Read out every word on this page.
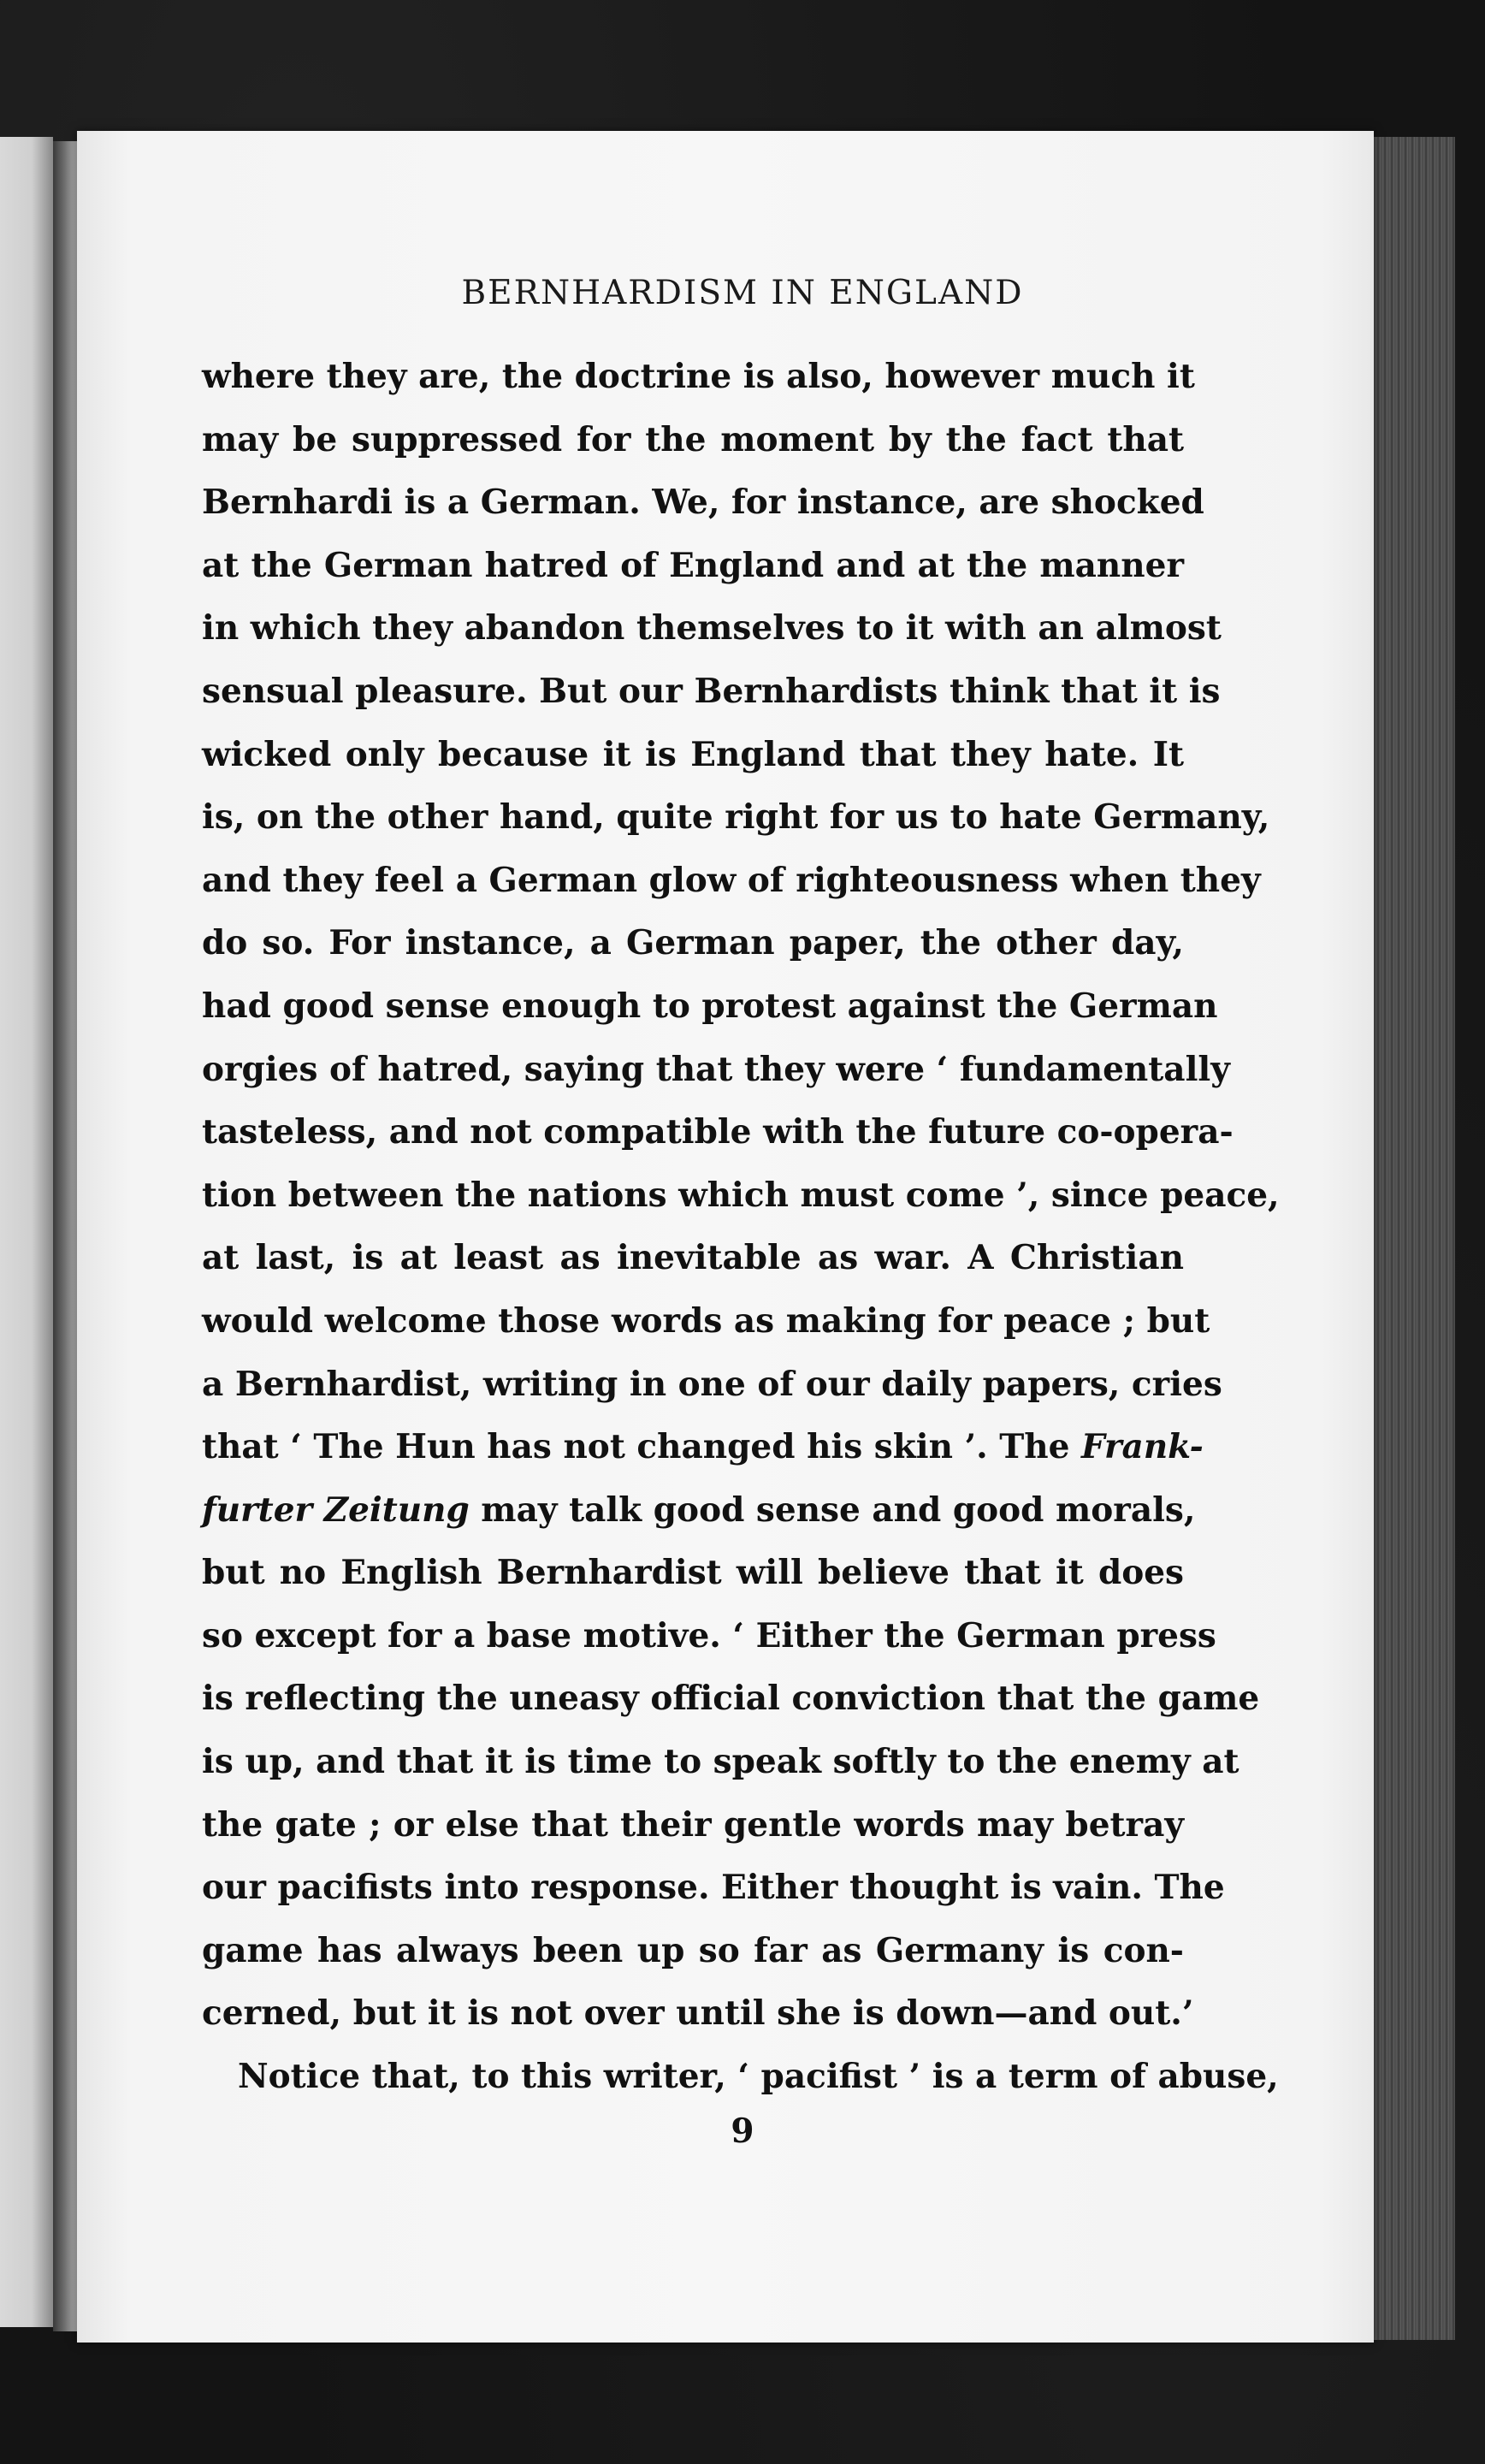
BERNHARDISM IN ENGLAND
where they are, the doctrine is also, however much it
may be suppressed for the moment by the fact that
Bernhardi is a German. We, for instance, are shocked
at the German hatred of England and at the manner
in which they abandon themselves to it with an almost
sensual pleasure. But our Bernhardists think that it is
wicked only because it is England that they hate. It
is, on the other hand, quite right for us to hate Germany,
and they feel a German glow of righteousness when they
do so. For instance, a German paper, the other day,
had good sense enough to protest against the German
orgies of hatred, saying that they were ‘ fundamentally
tasteless, and not compatible with the future co-opera-
tion between the nations which must come ’, since peace,
at last, is at least as inevitable as war. A Christian
would welcome those words as making for peace ; but
a Bernhardist, writing in one of our daily papers, cries
that ‘ The Hun has not changed his skin ’. The Frank-
furter Zeitung may talk good sense and good morals,
but no English Bernhardist will believe that it does
so except for a base motive. ‘ Either the German press
is reflecting the uneasy official conviction that the game
is up, and that it is time to speak softly to the enemy at
the gate ; or else that their gentle words may betray
our pacifists into response. Either thought is vain. The
game has always been up so far as Germany is con-
cerned, but it is not over until she is down—and out.’
Notice that, to this writer, ‘ pacifist ’ is a term of abuse,
9
